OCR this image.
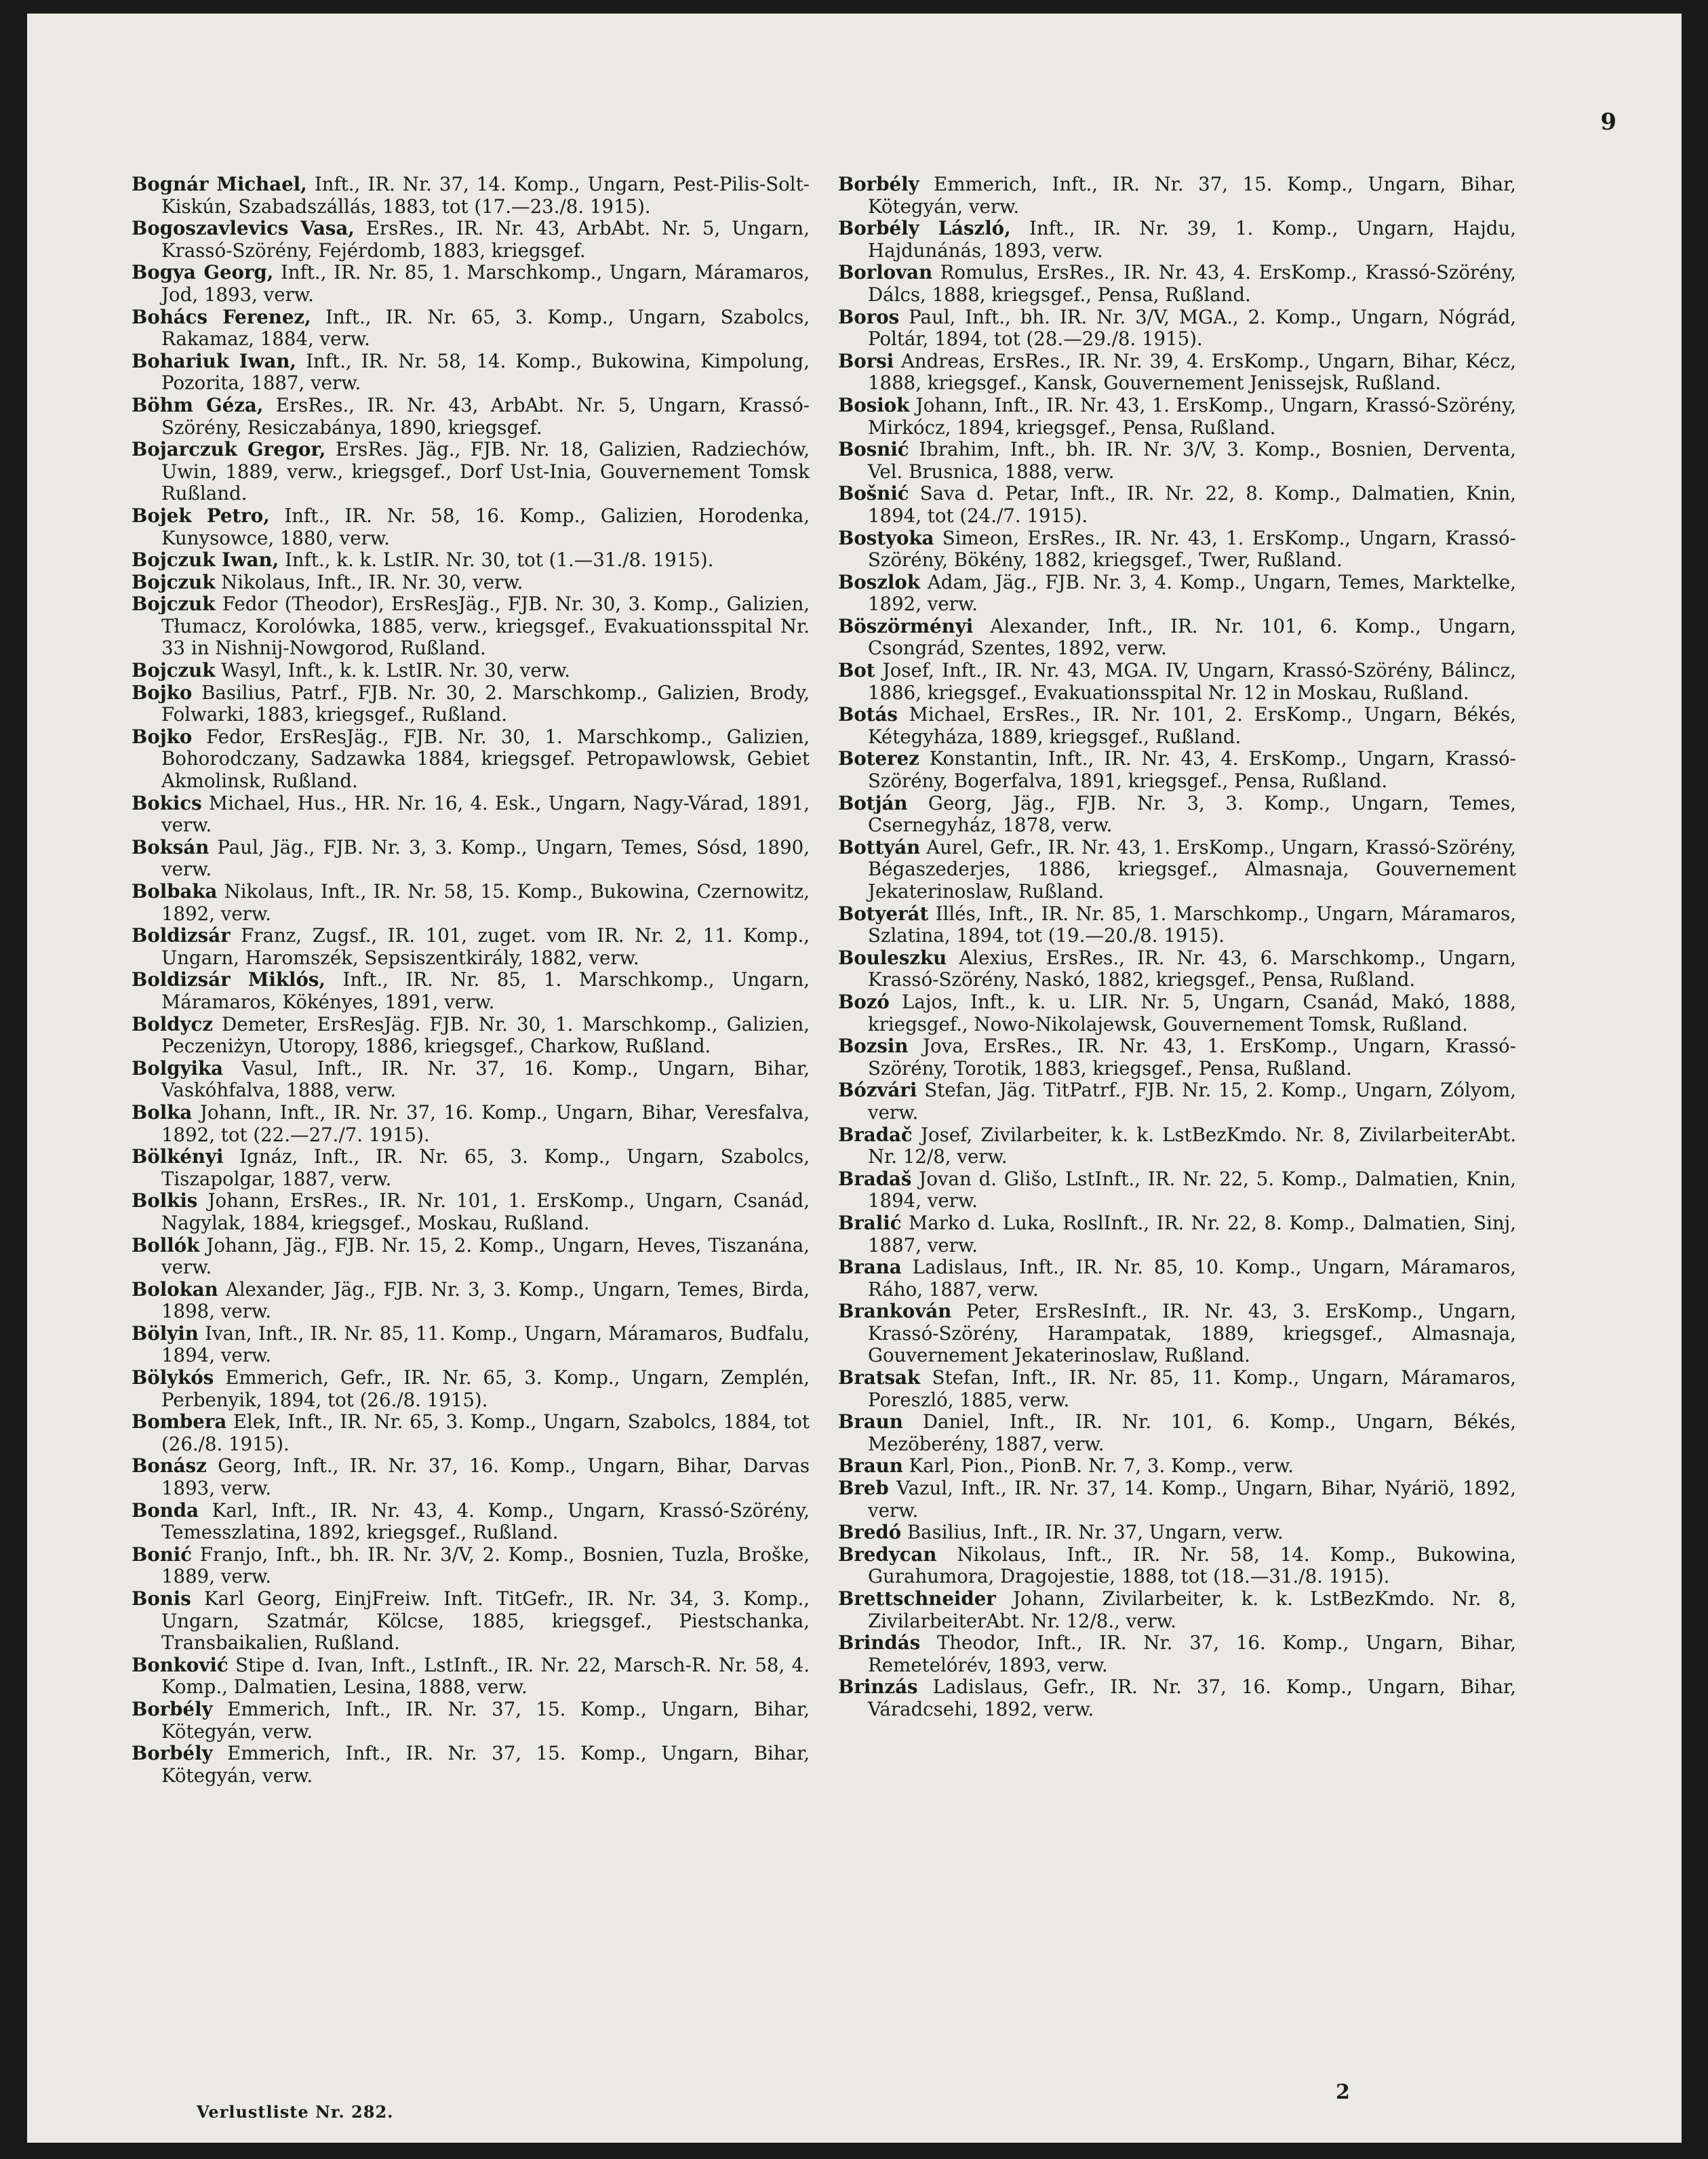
9

Bognár Michael, Inft., IR. Nr. 37, 14. Komp., Ungarn, Pest-Pilis-Solt-Kiskún, Szabadszállás, 1883, tot (17.—23./8. 1915).

Bogoszavlevics Vasa, ErsRes., IR. Nr. 43, ArbAbt. Nr. 5, Ungarn, Krassó-Szörény, Fejérdomb, 1883, kriegsgef.

Bogya Georg, Inft., IR. Nr. 85, 1. Marschkomp., Ungarn, Máramaros, Jod, 1893, verw.

Bohács Ferenez, Inft., IR. Nr. 65, 3. Komp., Ungarn, Szabolcs, Rakamaz, 1884, verw.

Bohariuk Iwan, Inft., IR. Nr. 58, 14. Komp., Bukowina, Kimpolung, Pozorita, 1887, verw.

Böhm Géza, ErsRes., IR. Nr. 43, ArbAbt. Nr. 5, Ungarn, Krassó-Szörény, Resiczabánya, 1890, kriegsgef.

Bojarczuk Gregor, ErsRes. Jäg., FJB. Nr. 18, Galizien, Radziechów, Uwin, 1889, verw., kriegsgef., Dorf Ust-Inia, Gouvernement Tomsk Rußland.

Bojek Petro, Inft., IR. Nr. 58, 16. Komp., Galizien, Horodenka, Kunysowce, 1880, verw.

Bojczuk Iwan, Inft., k. k. LstIR. Nr. 30, tot (1.—31./8. 1915).

Bojczuk Nikolaus, Inft., IR. Nr. 30, verw.

Bojczuk Fedor (Theodor), ErsResJäg., FJB. Nr. 30, 3. Komp., Galizien, Tłumacz, Korolówka, 1885, verw., kriegsgef., Evakuationsspital Nr. 33 in Nishnij-Nowgorod, Rußland.

Bojczuk Wasyl, Inft., k. k. LstIR. Nr. 30, verw.

Bojko Basilius, Patrf., FJB. Nr. 30, 2. Marschkomp., Galizien, Brody, Folwarki, 1883, kriegsgef., Rußland.

Bojko Fedor, ErsResJäg., FJB. Nr. 30, 1. Marschkomp., Galizien, Bohorodczany, Sadzawka 1884, kriegsgef. Petropawlowsk, Gebiet Akmolinsk, Rußland.

Bokics Michael, Hus., HR. Nr. 16, 4. Esk., Ungarn, Nagy-Várad, 1891, verw.

Boksán Paul, Jäg., FJB. Nr. 3, 3. Komp., Ungarn, Temes, Sósd, 1890, verw.

Bolbaka Nikolaus, Inft., IR. Nr. 58, 15. Komp., Bukowina, Czernowitz, 1892, verw.

Boldizsár Franz, Zugsf., IR. 101, zuget. vom IR. Nr. 2, 11. Komp., Ungarn, Haromszék, Sepsiszentkirály, 1882, verw.

Boldizsár Miklós, Inft., IR. Nr. 85, 1. Marschkomp., Ungarn, Máramaros, Kökényes, 1891, verw.

Boldycz Demeter, ErsResJäg. FJB. Nr. 30, 1. Marschkomp., Galizien, Peczeniżyn, Utoropy, 1886, kriegsgef., Charkow, Rußland.

Bolgyika Vasul, Inft., IR. Nr. 37, 16. Komp., Ungarn, Bihar, Vaskóhfalva, 1888, verw.

Bolka Johann, Inft., IR. Nr. 37, 16. Komp., Ungarn, Bihar, Veresfalva, 1892, tot (22.—27./7. 1915).

Bölkényi Ignáz, Inft., IR. Nr. 65, 3. Komp., Ungarn, Szabolcs, Tiszapolgar, 1887, verw.

Bolkis Johann, ErsRes., IR. Nr. 101, 1. ErsKomp., Ungarn, Csanád, Nagylak, 1884, kriegsgef., Moskau, Rußland.

Bollók Johann, Jäg., FJB. Nr. 15, 2. Komp., Ungarn, Heves, Tiszanána, verw.

Bolokan Alexander, Jäg., FJB. Nr. 3, 3. Komp., Ungarn, Temes, Birda, 1898, verw.

Bölyin Ivan, Inft., IR. Nr. 85, 11. Komp., Ungarn, Máramaros, Budfalu, 1894, verw.

Bölykós Emmerich, Gefr., IR. Nr. 65, 3. Komp., Ungarn, Zemplén, Perbenyik, 1894, tot (26./8. 1915).

Bombera Elek, Inft., IR. Nr. 65, 3. Komp., Ungarn, Szabolcs, 1884, tot (26./8. 1915).

Bonász Georg, Inft., IR. Nr. 37, 16. Komp., Ungarn, Bihar, Darvas 1893, verw.

Bonda Karl, Inft., IR. Nr. 43, 4. Komp., Ungarn, Krassó-Szörény, Temesszlatina, 1892, kriegsgef., Rußland.

Bonić Franjo, Inft., bh. IR. Nr. 3/V, 2. Komp., Bosnien, Tuzla, Broške, 1889, verw.

Bonis Karl Georg, EinjFreiw. Inft. TitGefr., IR. Nr. 34, 3. Komp., Ungarn, Szatmár, Kölcse, 1885, kriegsgef., Piestschanka, Transbaikalien, Rußland.

Bonković Stipe d. Ivan, Inft., LstInft., IR. Nr. 22, Marsch-R. Nr. 58, 4. Komp., Dalmatien, Lesina, 1888, verw.

Borbély Emmerich, Inft., IR. Nr. 37, 15. Komp., Ungarn, Bihar, Kötegyán, verw.

Borbély Emmerich, Inft., IR. Nr. 37, 15. Komp., Ungarn, Bihar, Kötegyán, verw.

Borbély Emmerich, Inft., IR. Nr. 37, 15. Komp., Ungarn, Bihar, Kötegyán, verw.

Borbély László, Inft., IR. Nr. 39, 1. Komp., Ungarn, Hajdu, Hajdunánás, 1893, verw.

Borlovan Romulus, ErsRes., IR. Nr. 43, 4. ErsKomp., Krassó-Szörény, Dálcs, 1888, kriegsgef., Pensa, Rußland.

Boros Paul, Inft., bh. IR. Nr. 3/V, MGA., 2. Komp., Ungarn, Nógrád, Poltár, 1894, tot (28.—29./8. 1915).

Borsi Andreas, ErsRes., IR. Nr. 39, 4. ErsKomp., Ungarn, Bihar, Kécz, 1888, kriegsgef., Kansk, Gouvernement Jenissejsk, Rußland.

Bosiok Johann, Inft., IR. Nr. 43, 1. ErsKomp., Ungarn, Krassó-Szörény, Mirkócz, 1894, kriegsgef., Pensa, Rußland.

Bosnić Ibrahim, Inft., bh. IR. Nr. 3/V, 3. Komp., Bosnien, Derventa, Vel. Brusnica, 1888, verw.

Bošnić Sava d. Petar, Inft., IR. Nr. 22, 8. Komp., Dalmatien, Knin, 1894, tot (24./7. 1915).

Bostyoka Simeon, ErsRes., IR. Nr. 43, 1. ErsKomp., Ungarn, Krassó-Szörény, Bökény, 1882, kriegsgef., Twer, Rußland.

Boszlok Adam, Jäg., FJB. Nr. 3, 4. Komp., Ungarn, Temes, Marktelke, 1892, verw.

Böszörményi Alexander, Inft., IR. Nr. 101, 6. Komp., Ungarn, Csongrád, Szentes, 1892, verw.

Bot Josef, Inft., IR. Nr. 43, MGA. IV, Ungarn, Krassó-Szörény, Bálincz, 1886, kriegsgef., Evakuationsspital Nr. 12 in Moskau, Rußland.

Botás Michael, ErsRes., IR. Nr. 101, 2. ErsKomp., Ungarn, Békés, Kétegyháza, 1889, kriegsgef., Rußland.

Boterez Konstantin, Inft., IR. Nr. 43, 4. ErsKomp., Ungarn, Krassó-Szörény, Bogerfalva, 1891, kriegsgef., Pensa, Rußland.

Botján Georg, Jäg., FJB. Nr. 3, 3. Komp., Ungarn, Temes, Csernegyház, 1878, verw.

Bottyán Aurel, Gefr., IR. Nr. 43, 1. ErsKomp., Ungarn, Krassó-Szörény, Bégaszederjes, 1886, kriegsgef., Almasnaja, Gouvernement Jekaterinoslaw, Rußland.

Botyerát Illés, Inft., IR. Nr. 85, 1. Marschkomp., Ungarn, Máramaros, Szlatina, 1894, tot (19.—20./8. 1915).

Bouleszku Alexius, ErsRes., IR. Nr. 43, 6. Marschkomp., Ungarn, Krassó-Szörény, Naskó, 1882, kriegsgef., Pensa, Rußland.

Bozó Lajos, Inft., k. u. LIR. Nr. 5, Ungarn, Csanád, Makó, 1888, kriegsgef., Nowo-Nikolajewsk, Gouvernement Tomsk, Rußland.

Bozsin Jova, ErsRes., IR. Nr. 43, 1. ErsKomp., Ungarn, Krassó-Szörény, Torotik, 1883, kriegsgef., Pensa, Rußland.

Bózvári Stefan, Jäg. TitPatrf., FJB. Nr. 15, 2. Komp., Ungarn, Zólyom, verw.

Bradač Josef, Zivilarbeiter, k. k. LstBezKmdo. Nr. 8, ZivilarbeiterAbt. Nr. 12/8, verw.

Bradaš Jovan d. Glišo, LstInft., IR. Nr. 22, 5. Komp., Dalmatien, Knin, 1894, verw.

Bralić Marko d. Luka, RoslInft., IR. Nr. 22, 8. Komp., Dalmatien, Sinj, 1887, verw.

Brana Ladislaus, Inft., IR. Nr. 85, 10. Komp., Ungarn, Máramaros, Ráho, 1887, verw.

Brankován Peter, ErsResInft., IR. Nr. 43, 3. ErsKomp., Ungarn, Krassó-Szörény, Harampatak, 1889, kriegsgef., Almasnaja, Gouvernement Jekaterinoslaw, Rußland.

Bratsak Stefan, Inft., IR. Nr. 85, 11. Komp., Ungarn, Máramaros, Poreszló, 1885, verw.

Braun Daniel, Inft., IR. Nr. 101, 6. Komp., Ungarn, Békés, Mezöberény, 1887, verw.

Braun Karl, Pion., PionB. Nr. 7, 3. Komp., verw.

Breb Vazul, Inft., IR. Nr. 37, 14. Komp., Ungarn, Bihar, Nyáriö, 1892, verw.

Bredó Basilius, Inft., IR. Nr. 37, Ungarn, verw.

Bredycan Nikolaus, Inft., IR. Nr. 58, 14. Komp., Bukowina, Gurahumora, Dragojestie, 1888, tot (18.—31./8. 1915).

Brettschneider Johann, Zivilarbeiter, k. k. LstBezKmdo. Nr. 8, ZivilarbeiterAbt. Nr. 12/8., verw.

Brindás Theodor, Inft., IR. Nr. 37, 16. Komp., Ungarn, Bihar, Remetelórév, 1893, verw.

Brinzás Ladislaus, Gefr., IR. Nr. 37, 16. Komp., Ungarn, Bihar, Váradcsehi, 1892, verw.

Verlustliste Nr. 282.
2
